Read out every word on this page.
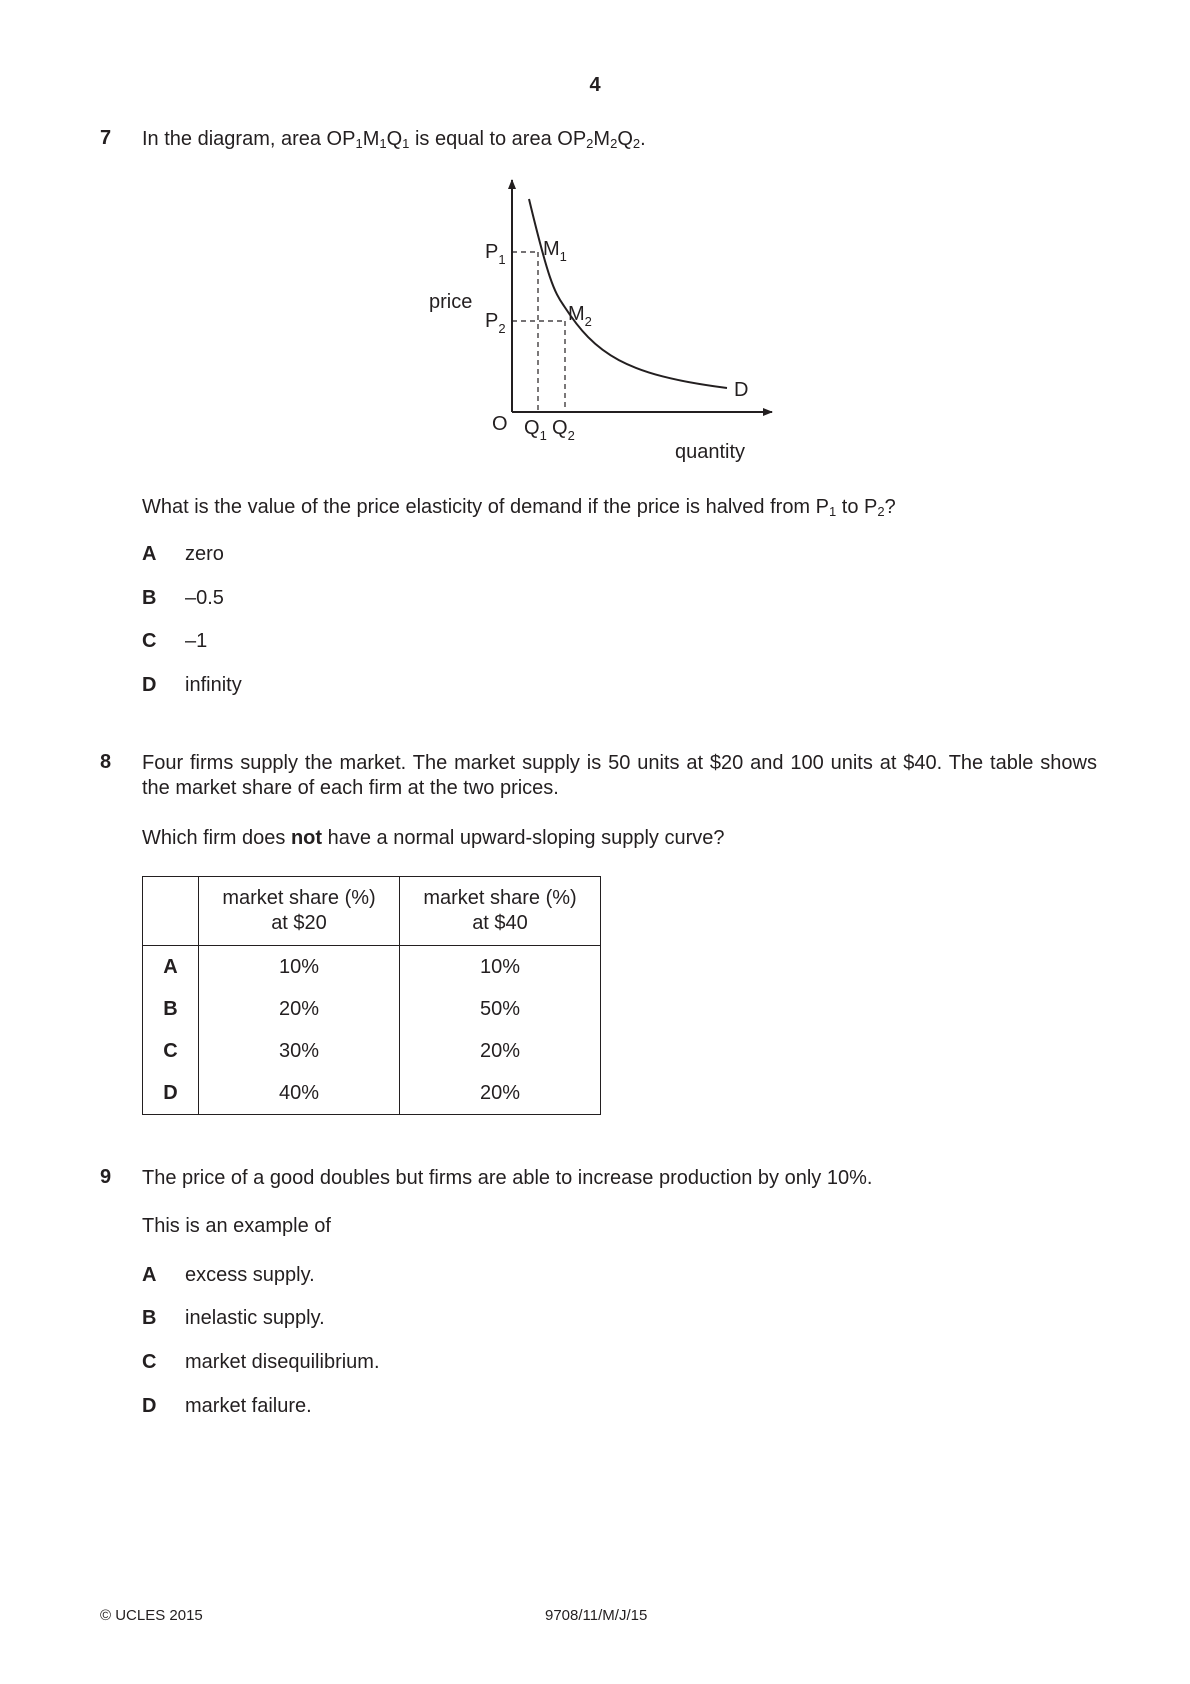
4
7 In the diagram, area $OP_1M_1Q_1$ is equal to area $OP_2M_2Q_2$.
price
quantity
O
$P_1$
$P_2$
$M_1$
$M_2$
$Q_1$ $Q_2$
D
What is the value of the price elasticity of demand if the price is halved from $P_1$ to $P_2$?
A zero
B –0.5
C –1
D infinity
8 Four firms supply the market. The market supply is 50 units at $20 and 100 units at $40. The table shows the market share of each firm at the two prices.
Which firm does not have a normal upward-sloping supply curve?
	market share (%)
at $20	market share (%)
at $40
A	10%	10%
B	20%	50%
C	30%	20%
D	40%	20%
9 The price of a good doubles but firms are able to increase production by only 10%.
This is an example of
A excess supply.
B inelastic supply.
C market disequilibrium.
D market failure.
© UCLES 2015	9708/11/M/J/15
